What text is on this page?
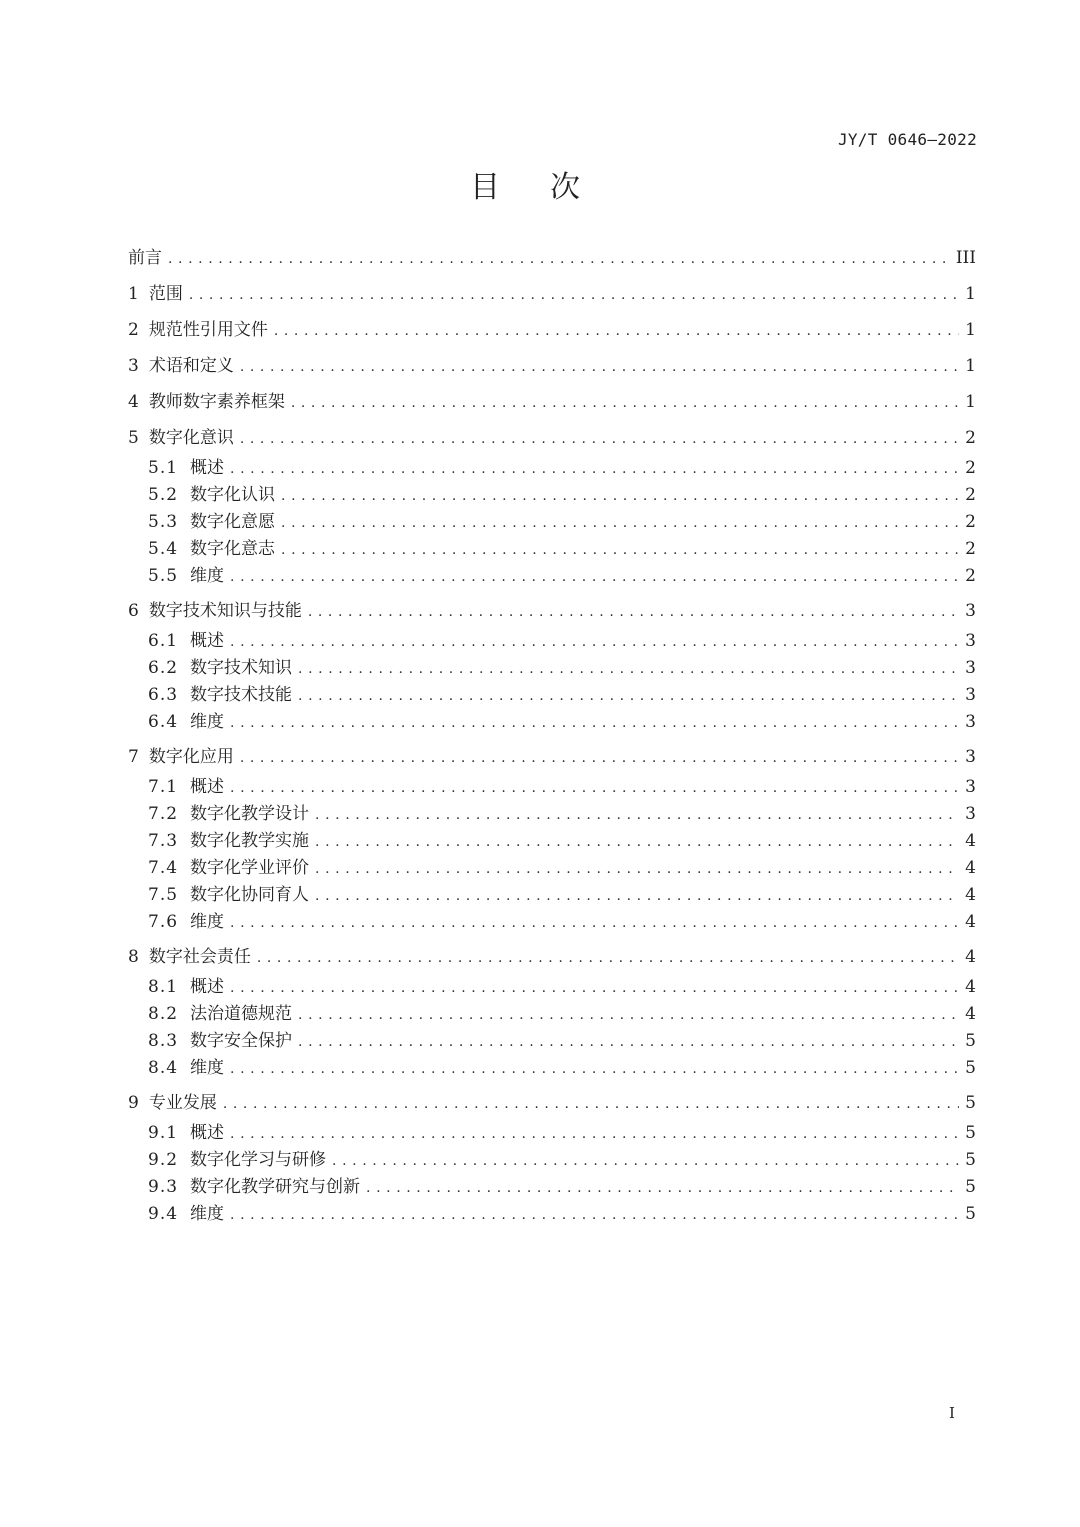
JY/T 0646—2022
目次
前言 .....	III
1 范围 .....	1
2 规范性引用文件 .....	1
3 术语和定义 .....	1
4 教师数字素养框架 .....	1
5 数字化意识 .....	2
5.1 概述 .....	2
5.2 数字化认识 .....	2
5.3 数字化意愿 .....	2
5.4 数字化意志 .....	2
5.5 维度 .....	2
6 数字技术知识与技能 .....	3
6.1 概述 .....	3
6.2 数字技术知识 .....	3
6.3 数字技术技能 .....	3
6.4 维度 .....	3
7 数字化应用 .....	3
7.1 概述 .....	3
7.2 数字化教学设计 .....	3
7.3 数字化教学实施 .....	4
7.4 数字化学业评价 .....	4
7.5 数字化协同育人 .....	4
7.6 维度 .....	4
8 数字社会责任 .....	4
8.1 概述 .....	4
8.2 法治道德规范 .....	4
8.3 数字安全保护 .....	5
8.4 维度 .....	5
9 专业发展 .....	5
9.1 概述 .....	5
9.2 数字化学习与研修 .....	5
9.3 数字化教学研究与创新 .....	5
9.4 维度 .....	5
I
